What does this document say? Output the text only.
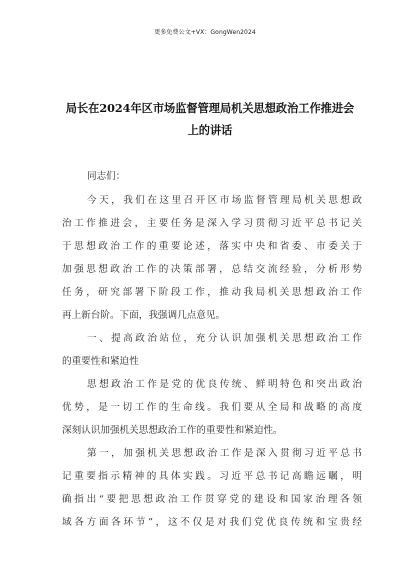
更多免费公文+VX：GongWen2024
局长在2024年区市场监督管理局机关思想政治工作推进会
上的讲话
同志们：
今天，我们在这里召开区市场监督管理局机关思想政
治工作推进会，主要任务是深入学习贯彻习近平总书记关
于思想政治工作的重要论述，落实中央和省委、市委关于
加强思想政治工作的决策部署，总结交流经验，分析形势
任务，研究部署下阶段工作，推动我局机关思想政治工作
再上新台阶。下面，我强调几点意见。
一、提高政治站位，充分认识加强机关思想政治工作
的重要性和紧迫性
思想政治工作是党的优良传统、鲜明特色和突出政治
优势，是一切工作的生命线。我们要从全局和战略的高度
深刻认识加强机关思想政治工作的重要性和紧迫性。
第一，加强机关思想政治工作是深入贯彻习近平总书
记重要指示精神的具体实践。习近平总书记高瞻远瞩，明
确指出“要把思想政治工作贯穿党的建设和国家治理各领
域各方面各环节”，这不仅是对我们党优良传统和宝贵经
